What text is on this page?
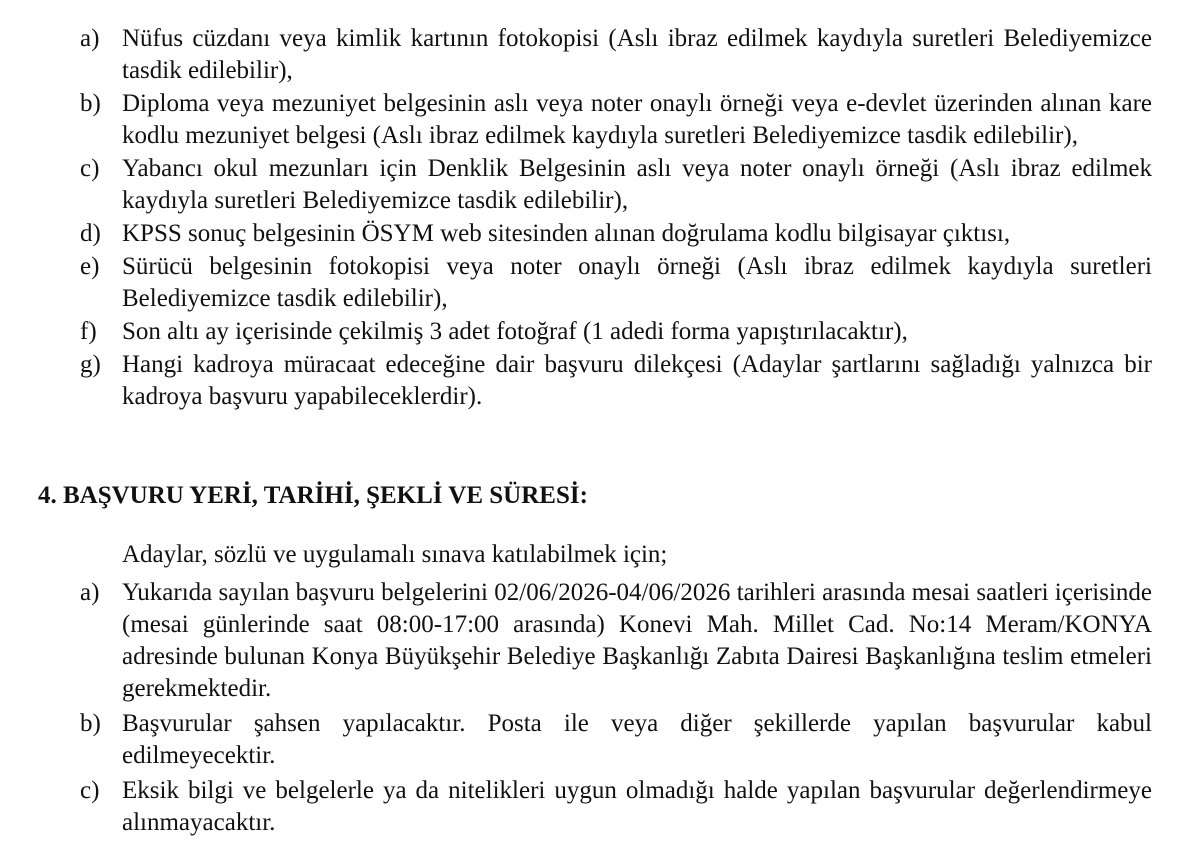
a) Nüfus cüzdanı veya kimlik kartının fotokopisi (Aslı ibraz edilmek kaydıyla suretleri Belediyemizce tasdik edilebilir),
b) Diploma veya mezuniyet belgesinin aslı veya noter onaylı örneği veya e-devlet üzerinden alınan kare kodlu mezuniyet belgesi (Aslı ibraz edilmek kaydıyla suretleri Belediyemizce tasdik edilebilir),
c) Yabancı okul mezunları için Denklik Belgesinin aslı veya noter onaylı örneği (Aslı ibraz edilmek kaydıyla suretleri Belediyemizce tasdik edilebilir),
d) KPSS sonuç belgesinin ÖSYM web sitesinden alınan doğrulama kodlu bilgisayar çıktısı,
e) Sürücü belgesinin fotokopisi veya noter onaylı örneği (Aslı ibraz edilmek kaydıyla suretleri Belediyemizce tasdik edilebilir),
f)	Son altı ay içerisinde çekilmiş 3 adet fotoğraf (1 adedi forma yapıştırılacaktır),
g) Hangi kadroya müracaat edeceğine dair başvuru dilekçesi (Adaylar şartlarını sağladığı yalnızca bir kadroya başvuru yapabileceklerdir).
4. BAŞVURU YERİ, TARİHİ, ŞEKLİ VE SÜRESİ:

Adaylar, sözlü ve uygulamalı sınava katılabilmek için;

a) Yukarıda sayılan başvuru belgelerini 02/06/2026-04/06/2026 tarihleri arasında mesai saatleri içerisinde (mesai günlerinde saat 08:00-17:00 arasında) Konevi Mah. Millet Cad. No:14 Meram/KONYA adresinde bulunan Konya Büyükşehir Belediye Başkanlığı Zabıta Dairesi Başkanlığına teslim etmeleri gerekmektedir.
b) Başvurular şahsen yapılacaktır. Posta ile veya diğer şekillerde yapılan başvurular kabul edilmeyecektir.
c) Eksik bilgi ve belgelerle ya da nitelikleri uygun olmadığı halde yapılan başvurular değerlendirmeye alınmayacaktır.
